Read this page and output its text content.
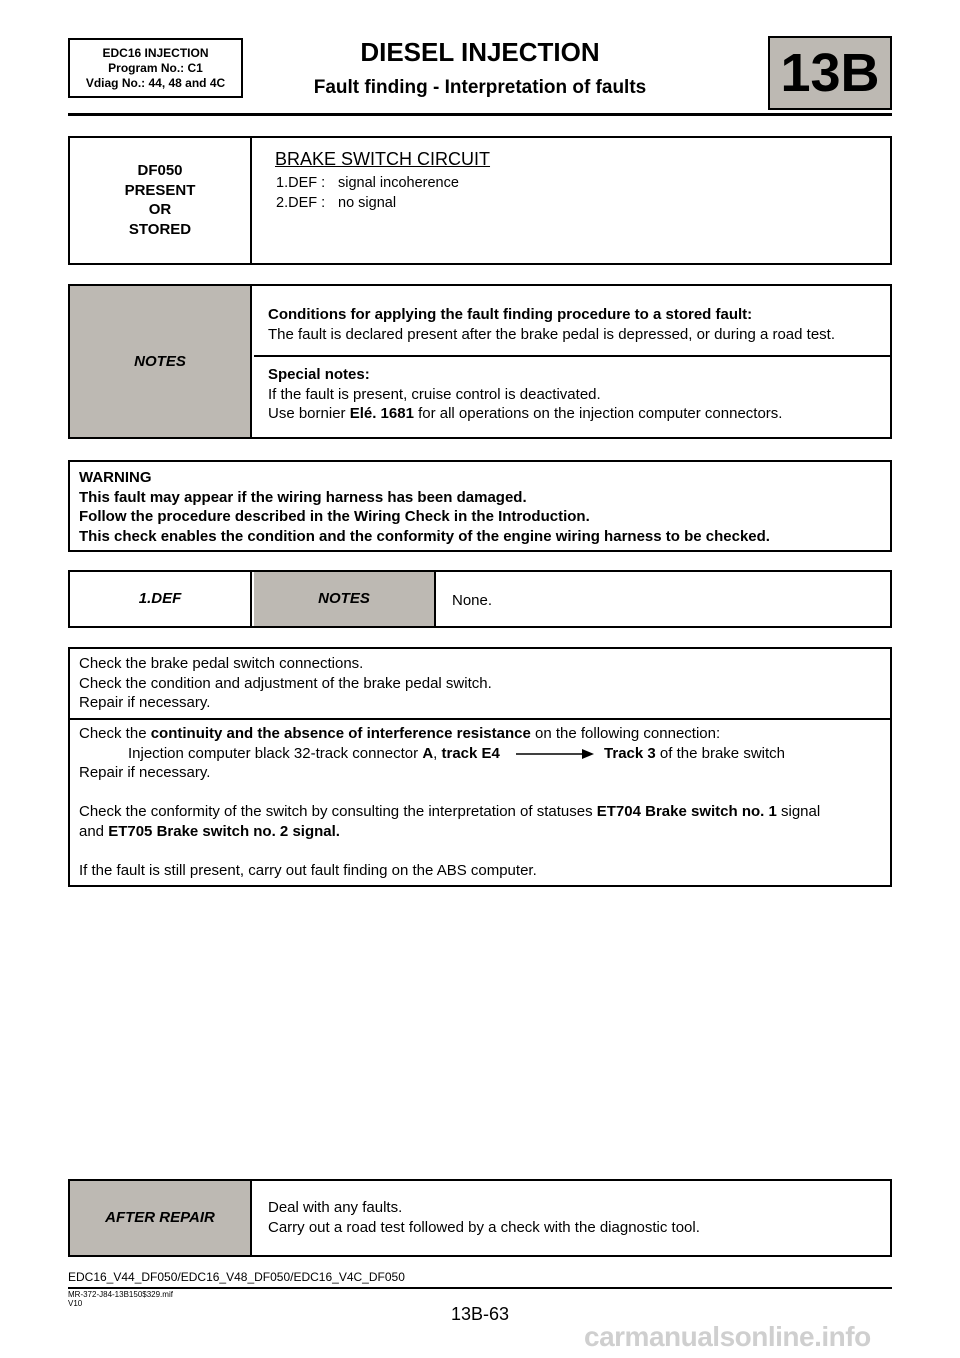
EDC16 INJECTION
Program No.: C1
Vdiag No.: 44, 48 and 4C
DIESEL INJECTION
Fault finding - Interpretation of faults	13B
DF050
PRESENT
OR
STORED
BRAKE SWITCH CIRCUIT
1.DEF : signal incoherence
2.DEF : no signal
NOTES

Conditions for applying the fault finding procedure to a stored fault:

The fault is declared present after the brake pedal is depressed, or during a road test.

Special notes:

If the fault is present, cruise control is deactivated.

Use bornier Elé. 1681 for all operations on the injection computer connectors.

WARNING

This fault may appear if the wiring harness has been damaged.

Follow the procedure described in the Wiring Check in the Introduction.

This check enables the condition and the conformity of the engine wiring harness to be checked.

1.DEF	NOTES	None.

Check the brake pedal switch connections.

Check the condition and adjustment of the brake pedal switch.

Repair if necessary.

Check the continuity and the absence of interference resistance on the following connection:

Injection computer black 32-track connector A, track E4	Track 3 of the brake switch

Repair if necessary.

Check the conformity of the switch by consulting the interpretation of statuses ET704 Brake switch no. 1 signal

and ET705 Brake switch no. 2 signal.

If the fault is still present, carry out fault finding on the ABS computer.

AFTER REPAIR

Deal with any faults.

Carry out a road test followed by a check with the diagnostic tool.

EDC16_V44_DF050/EDC16_V48_DF050/EDC16_V4C_DF050
MR-372-J84-13B150$329.mif
V10
13B-63
carmanualsonline.info
